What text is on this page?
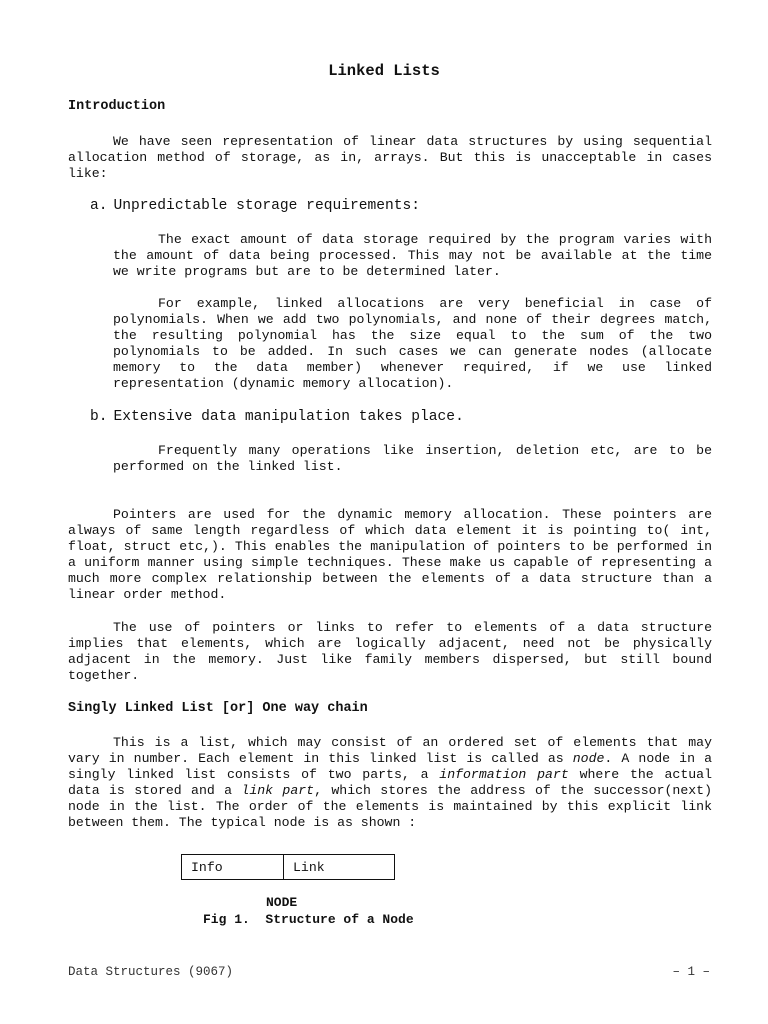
Linked Lists
Introduction

We have seen representation of linear data structures by using sequential allocation method of storage, as in, arrays. But this is unacceptable in cases like:

a. Unpredictable storage requirements:

The exact amount of data storage required by the program varies with the amount of data being processed. This may not be available at the time we write programs but are to be determined later.

For example, linked allocations are very beneficial in case of polynomials. When we add two polynomials, and none of their degrees match, the resulting polynomial has the size equal to the sum of the two polynomials to be added. In such cases we can generate nodes (allocate memory to the data member) whenever required, if we use linked representation (dynamic memory allocation).

b. Extensive data manipulation takes place.

Frequently many operations like insertion, deletion etc, are to be performed on the linked list.

Pointers are used for the dynamic memory allocation. These pointers are always of same length regardless of which data element it is pointing to( int, float, struct etc,). This enables the manipulation of pointers to be performed in a uniform manner using simple techniques. These make us capable of representing a much more complex relationship between the elements of a data structure than a linear order method.

The use of pointers or links to refer to elements of a data structure implies that elements, which are logically adjacent, need not be physically adjacent in the memory. Just like family members dispersed, but still bound together.

Singly Linked List [or] One way chain

This is a list, which may consist of an ordered set of elements that may vary in number. Each element in this linked list is called as node. A node in a singly linked list consists of two parts, a information part where the actual data is stored and a link part, which stores the address of the successor(next) node in the list. The order of the elements is maintained by this explicit link between them. The typical node is as shown :

Info	Link
NODE
Fig 1.  Structure of a Node
Data Structures (9067)	– 1 –
